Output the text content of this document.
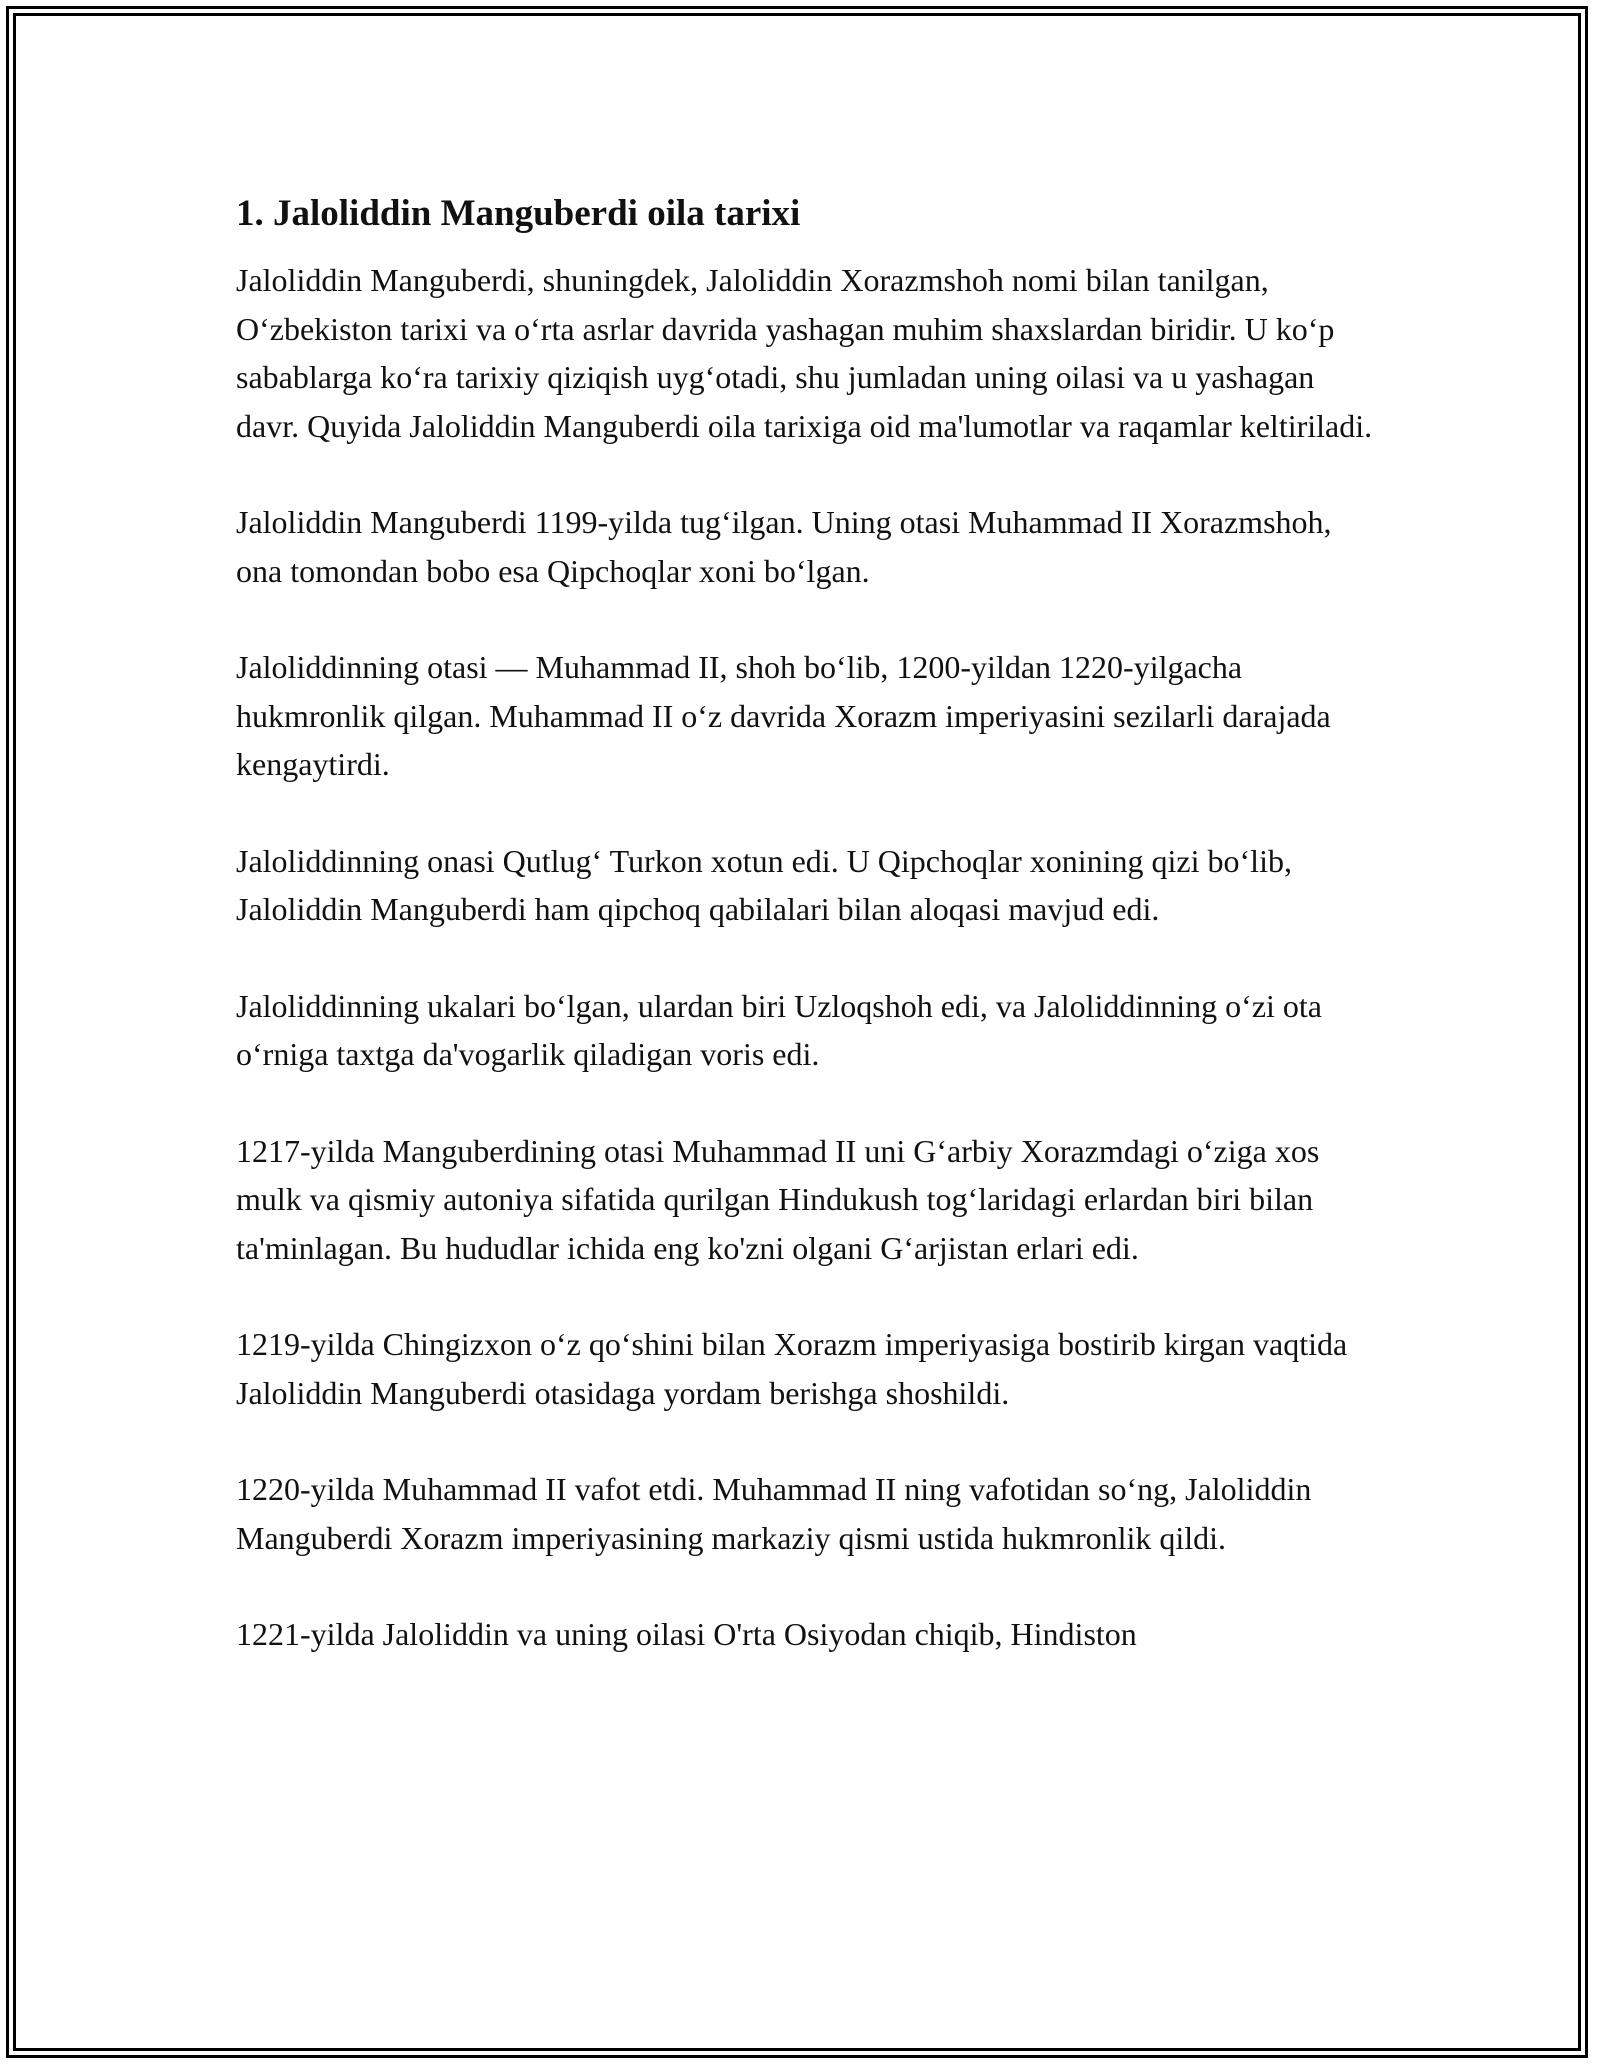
1. Jaloliddin Manguberdi oila tarixi

Jaloliddin Manguberdi, shuningdek, Jaloliddin Xorazmshoh nomi bilan tanilgan, O‘zbekiston tarixi va o‘rta asrlar davrida yashagan muhim shaxslardan biridir. U ko‘p sabablarga ko‘ra tarixiy qiziqish uyg‘otadi, shu jumladan uning oilasi va u yashagan davr. Quyida Jaloliddin Manguberdi oila tarixiga oid ma'lumotlar va raqamlar keltiriladi.

Jaloliddin Manguberdi 1199-yilda tug‘ilgan. Uning otasi Muhammad II Xorazmshoh, ona tomondan bobo esa Qipchoqlar xoni bo‘lgan.

Jaloliddinning otasi — Muhammad II, shoh bo‘lib, 1200-yildan 1220-yilgacha hukmronlik qilgan. Muhammad II o‘z davrida Xorazm imperiyasini sezilarli darajada kengaytirdi.

Jaloliddinning onasi Qutlug‘ Turkon xotun edi. U Qipchoqlar xonining qizi bo‘lib, Jaloliddin Manguberdi ham qipchoq qabilalari bilan aloqasi mavjud edi.

Jaloliddinning ukalari bo‘lgan, ulardan biri Uzloqshoh edi, va Jaloliddinning o‘zi ota o‘rniga taxtga da'vogarlik qiladigan voris edi.

1217-yilda Manguberdining otasi Muhammad II uni G‘arbiy Xorazmdagi o‘ziga xos mulk va qismiy autoniya sifatida qurilgan Hindukush tog‘laridagi erlardan biri bilan ta'minlagan. Bu hududlar ichida eng ko'zni olgani G‘arjistan erlari edi.

1219-yilda Chingizxon o‘z qo‘shini bilan Xorazm imperiyasiga bostirib kirgan vaqtida Jaloliddin Manguberdi otasidaga yordam berishga shoshildi.

1220-yilda Muhammad II vafot etdi. Muhammad II ning vafotidan so‘ng, Jaloliddin Manguberdi Xorazm imperiyasining markaziy qismi ustida hukmronlik qildi.

1221-yilda Jaloliddin va uning oilasi O'rta Osiyodan chiqib, Hindiston
